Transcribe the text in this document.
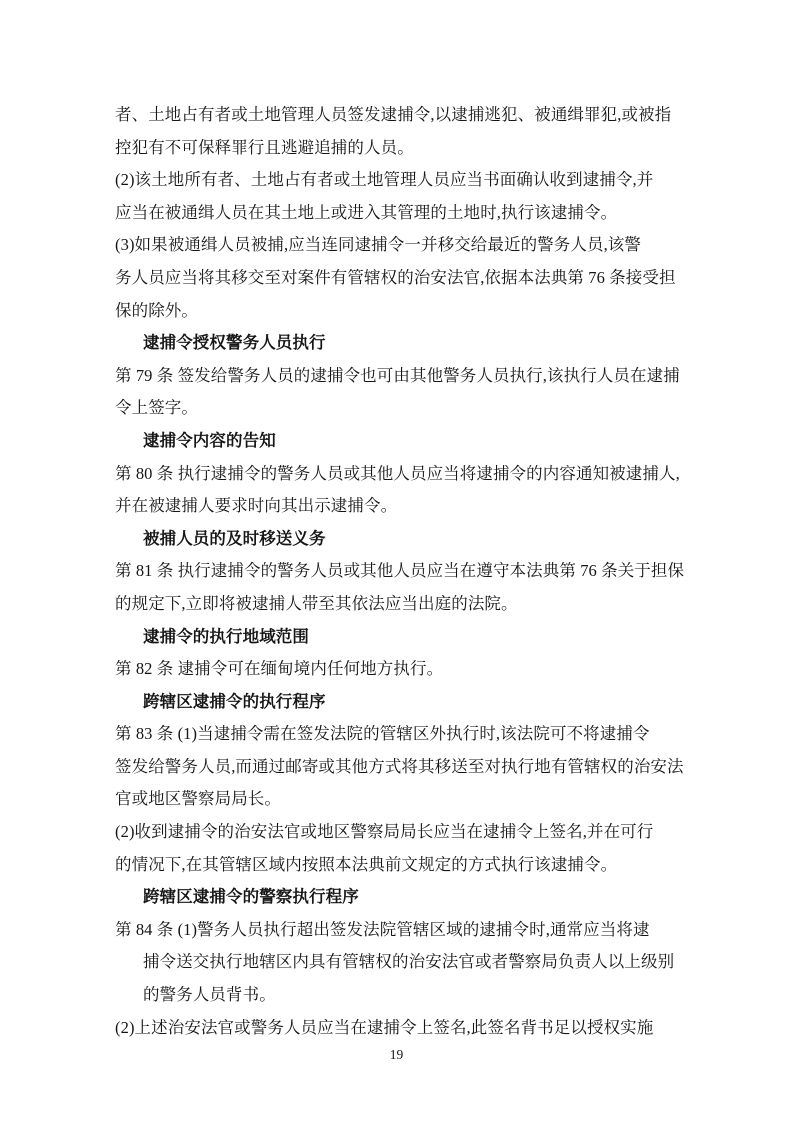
者、土地占有者或土地管理人员签发逮捕令,以逮捕逃犯、被通缉罪犯,或被指
控犯有不可保释罪行且逃避追捕的人员。
(2)该土地所有者、土地占有者或土地管理人员应当书面确认收到逮捕令,并
应当在被通缉人员在其土地上或进入其管理的土地时,执行该逮捕令。
(3)如果被通缉人员被捕,应当连同逮捕令一并移交给最近的警务人员,该警
务人员应当将其移交至对案件有管辖权的治安法官,依据本法典第 76 条接受担
保的除外。
逮捕令授权警务人员执行
第 79 条 签发给警务人员的逮捕令也可由其他警务人员执行,该执行人员在逮捕
令上签字。
逮捕令内容的告知
第 80 条 执行逮捕令的警务人员或其他人员应当将逮捕令的内容通知被逮捕人,
并在被逮捕人要求时向其出示逮捕令。
被捕人员的及时移送义务
第 81 条 执行逮捕令的警务人员或其他人员应当在遵守本法典第 76 条关于担保
的规定下,立即将被逮捕人带至其依法应当出庭的法院。
逮捕令的执行地域范围
第 82 条 逮捕令可在缅甸境内任何地方执行。
跨辖区逮捕令的执行程序
第 83 条 (1)当逮捕令需在签发法院的管辖区外执行时,该法院可不将逮捕令
签发给警务人员,而通过邮寄或其他方式将其移送至对执行地有管辖权的治安法
官或地区警察局局长。
(2)收到逮捕令的治安法官或地区警察局局长应当在逮捕令上签名,并在可行
的情况下,在其管辖区域内按照本法典前文规定的方式执行该逮捕令。
跨辖区逮捕令的警察执行程序
第 84 条 (1)警务人员执行超出签发法院管辖区域的逮捕令时,通常应当将逮
捕令送交执行地辖区内具有管辖权的治安法官或者警察局负责人以上级别
的警务人员背书。
(2)上述治安法官或警务人员应当在逮捕令上签名,此签名背书足以授权实施
19
